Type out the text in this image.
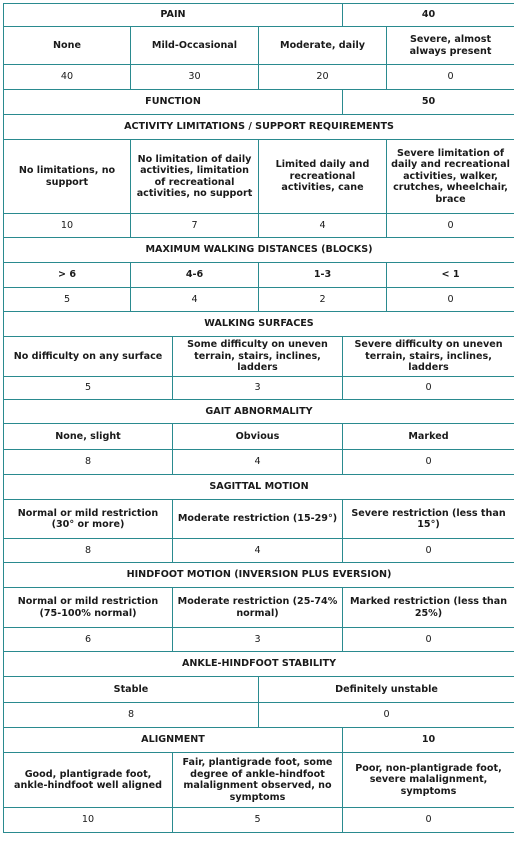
PAIN				40	
None	Mild-Occasional		Moderate, daily		Severe, almost always present
40	30		20		0
FUNCTION				50	
ACTIVITY LIMITATIONS / SUPPORT REQUIREMENTS					
No limitations, no support	No limitation of daily activities, limitation of recreational activities, no support		Limited daily and recreational activities, cane		Severe limitation of daily and recreational activities, walker, crutches, wheelchair, brace
10	7		4		0
MAXIMUM WALKING DISTANCES (BLOCKS)					
> 6	4-6		1-3		< 1
5	4		2		0
WALKING SURFACES					
No difficulty on any surface		Some difficulty on uneven terrain, stairs, inclines, ladders		Severe difficulty on uneven terrain, stairs, inclines, ladders	
5		3		0	
GAIT ABNORMALITY					
None, slight		Obvious		Marked	
8		4		0	
SAGITTAL MOTION					
Normal or mild restriction (30° or more)		Moderate restriction (15-29°)		Severe restriction (less than 15°)	
8		4		0	
HINDFOOT MOTION (INVERSION PLUS EVERSION)					
Normal or mild restriction (75-100% normal)		Moderate restriction (25-74% normal)		Marked restriction (less than 25%)	
6		3		0	
ANKLE-HINDFOOT STABILITY					
Stable			Definitely unstable		
8			0		
ALIGNMENT				10	
Good, plantigrade foot, ankle-hindfoot well aligned		Fair, plantigrade foot, some degree of ankle-hindfoot malalignment observed, no symptoms		Poor, non-plantigrade foot, severe malalignment, symptoms	
10		5		0	
